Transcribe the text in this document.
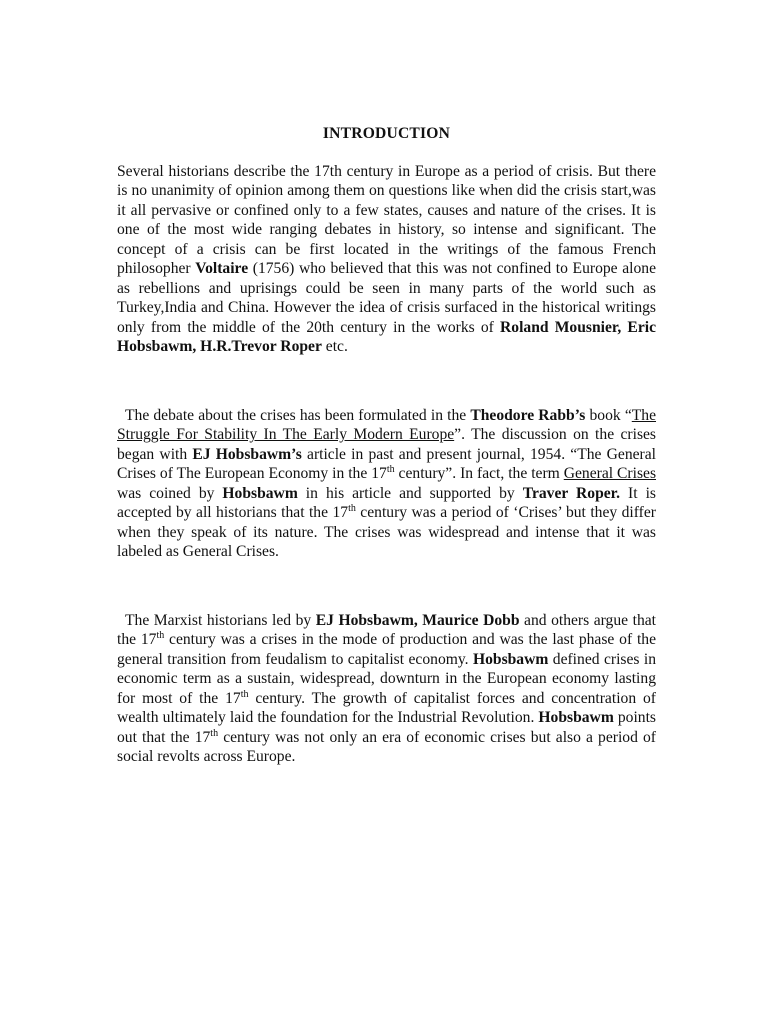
INTRODUCTION

Several historians describe the 17th century in Europe as a period of crisis. But there is no unanimity of opinion among them on questions like when did the crisis start,was it all pervasive or confined only to a few states, causes and nature of the crises. It is one of the most wide ranging debates in history, so intense and significant. The concept of a crisis can be first located in the writings of the famous French philosopher Voltaire (1756) who believed that this was not confined to Europe alone as rebellions and uprisings could be seen in many parts of the world such as Turkey,India and China. However the idea of crisis surfaced in the historical writings only from the middle of the 20th century in the works of Roland Mousnier, Eric Hobsbawm, H.R.Trevor Roper etc.

The debate about the crises has been formulated in the Theodore Rabb’s book “The Struggle For Stability In The Early Modern Europe”. The discussion on the crises began with EJ Hobsbawm’s article in past and present journal, 1954. “The General Crises of The European Economy in the 17th century”. In fact, the term General Crises was coined by Hobsbawm in his article and supported by Traver Roper. It is accepted by all historians that the 17th century was a period of ‘Crises’ but they differ when they speak of its nature. The crises was widespread and intense that it was labeled as General Crises.

The Marxist historians led by EJ Hobsbawm, Maurice Dobb and others argue that the 17th century was a crises in the mode of production and was the last phase of the general transition from feudalism to capitalist economy. Hobsbawm defined crises in economic term as a sustain, widespread, downturn in the European economy lasting for most of the 17th century. The growth of capitalist forces and concentration of wealth ultimately laid the foundation for the Industrial Revolution. Hobsbawm points out that the 17th century was not only an era of economic crises but also a period of social revolts across Europe.
